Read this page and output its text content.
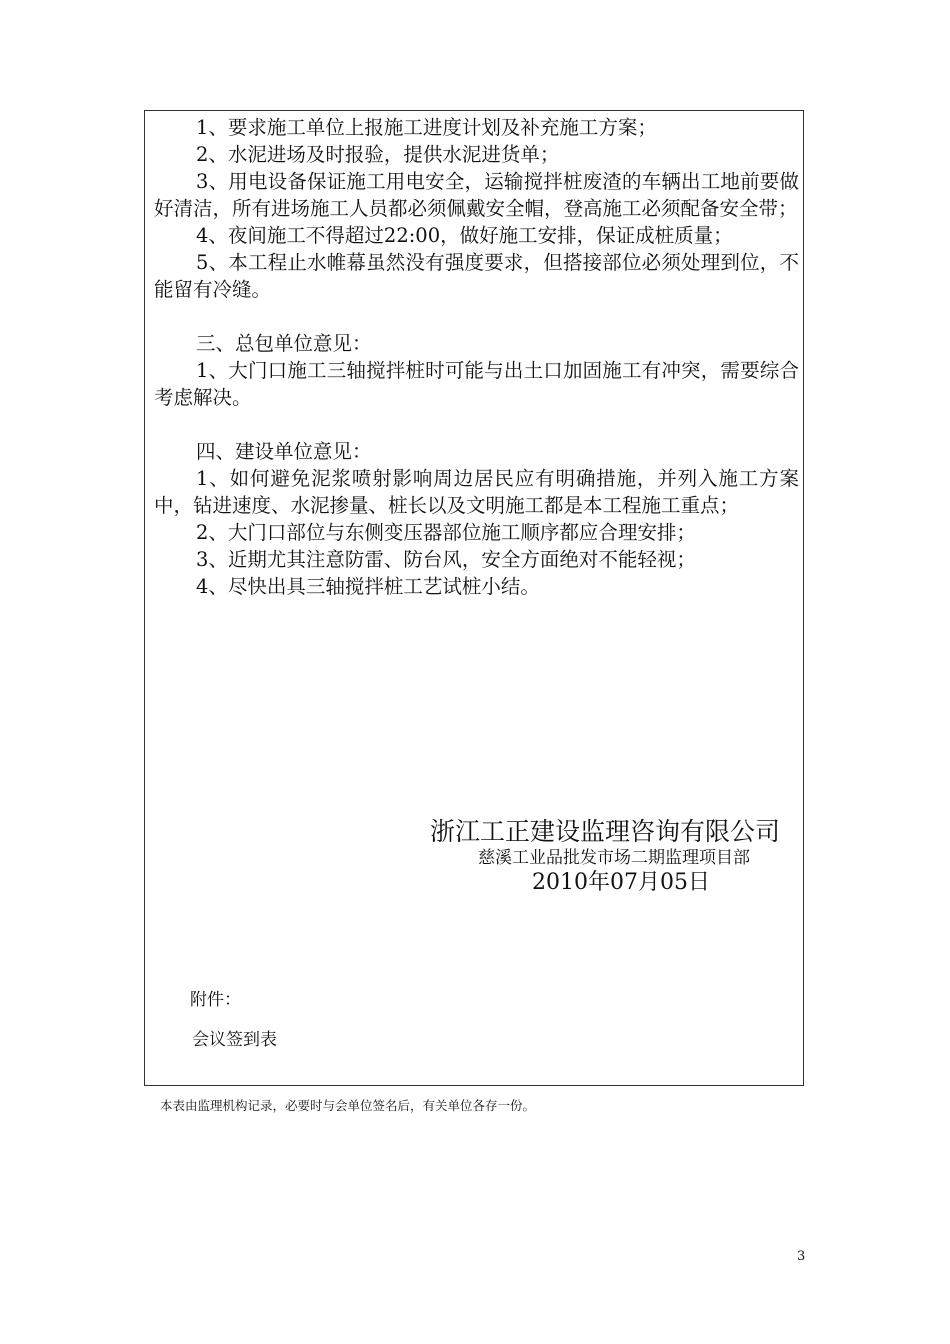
1、要求施工单位上报施工进度计划及补充施工方案；

2、水泥进场及时报验，提供水泥进货单；

3、用电设备保证施工用电安全，运输搅拌桩废渣的车辆出工地前要做好清洁，所有进场施工人员都必须佩戴安全帽，登高施工必须配备安全带；

4、夜间施工不得超过22:00，做好施工安排，保证成桩质量；

5、本工程止水帷幕虽然没有强度要求，但搭接部位必须处理到位，不能留有冷缝。

三、总包单位意见：

1、大门口施工三轴搅拌桩时可能与出土口加固施工有冲突，需要综合考虑解决。

四、建设单位意见：

1、如何避免泥浆喷射影响周边居民应有明确措施，并列入施工方案中，钻进速度、水泥掺量、桩长以及文明施工都是本工程施工重点；

2、大门口部位与东侧变压器部位施工顺序都应合理安排；

3、近期尤其注意防雷、防台风，安全方面绝对不能轻视；

4、尽快出具三轴搅拌桩工艺试桩小结。

浙江工正建设监理咨询有限公司
慈溪工业品批发市场二期监理项目部
2010年07月05日
附件：
会议签到表
本表由监理机构记录，必要时与会单位签名后，有关单位各存一份。
3
